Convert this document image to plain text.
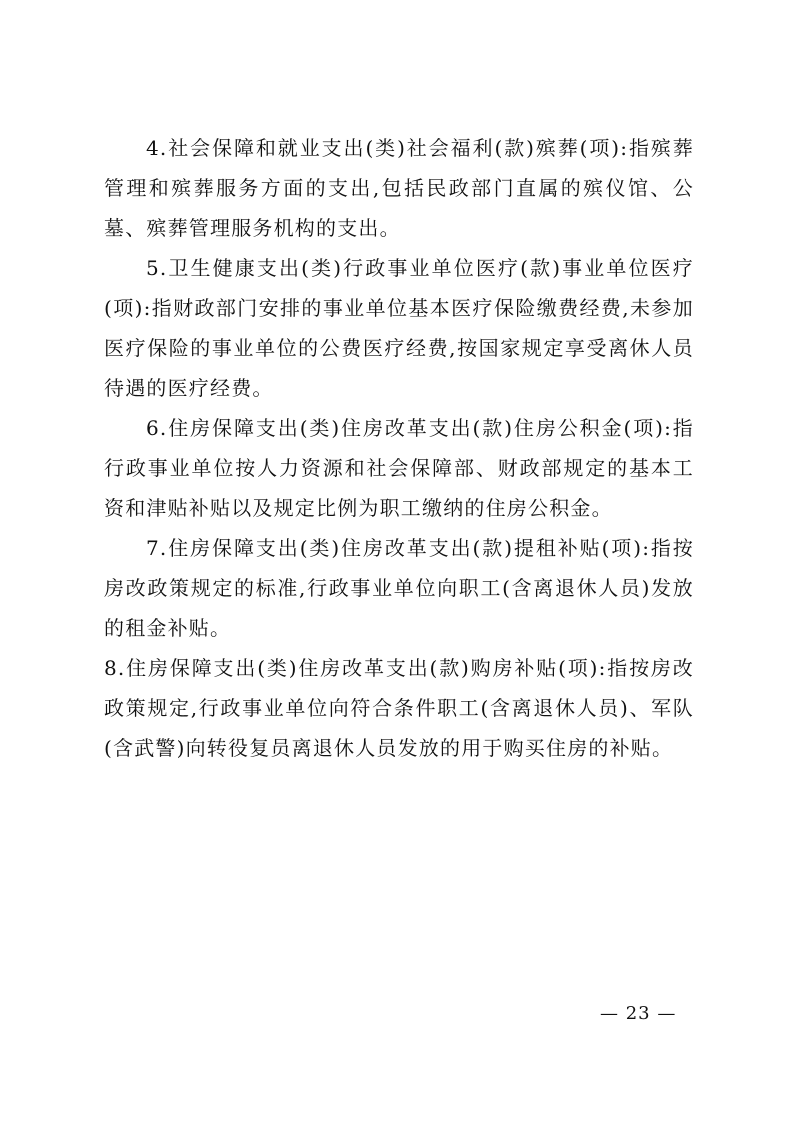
4.社会保障和就业支出(类)社会福利(款)殡葬(项):指殡葬管理和殡葬服务方面的支出,包括民政部门直属的殡仪馆、公墓、殡葬管理服务机构的支出。

5.卫生健康支出(类)行政事业单位医疗(款)事业单位医疗(项):指财政部门安排的事业单位基本医疗保险缴费经费,未参加医疗保险的事业单位的公费医疗经费,按国家规定享受离休人员待遇的医疗经费。

6.住房保障支出(类)住房改革支出(款)住房公积金(项):指行政事业单位按人力资源和社会保障部、财政部规定的基本工资和津贴补贴以及规定比例为职工缴纳的住房公积金。

7.住房保障支出(类)住房改革支出(款)提租补贴(项):指按房改政策规定的标准,行政事业单位向职工(含离退休人员)发放的租金补贴。

8.住房保障支出(类)住房改革支出(款)购房补贴(项):指按房改政策规定,行政事业单位向符合条件职工(含离退休人员)、军队(含武警)向转役复员离退休人员发放的用于购买住房的补贴。

— 23 —
